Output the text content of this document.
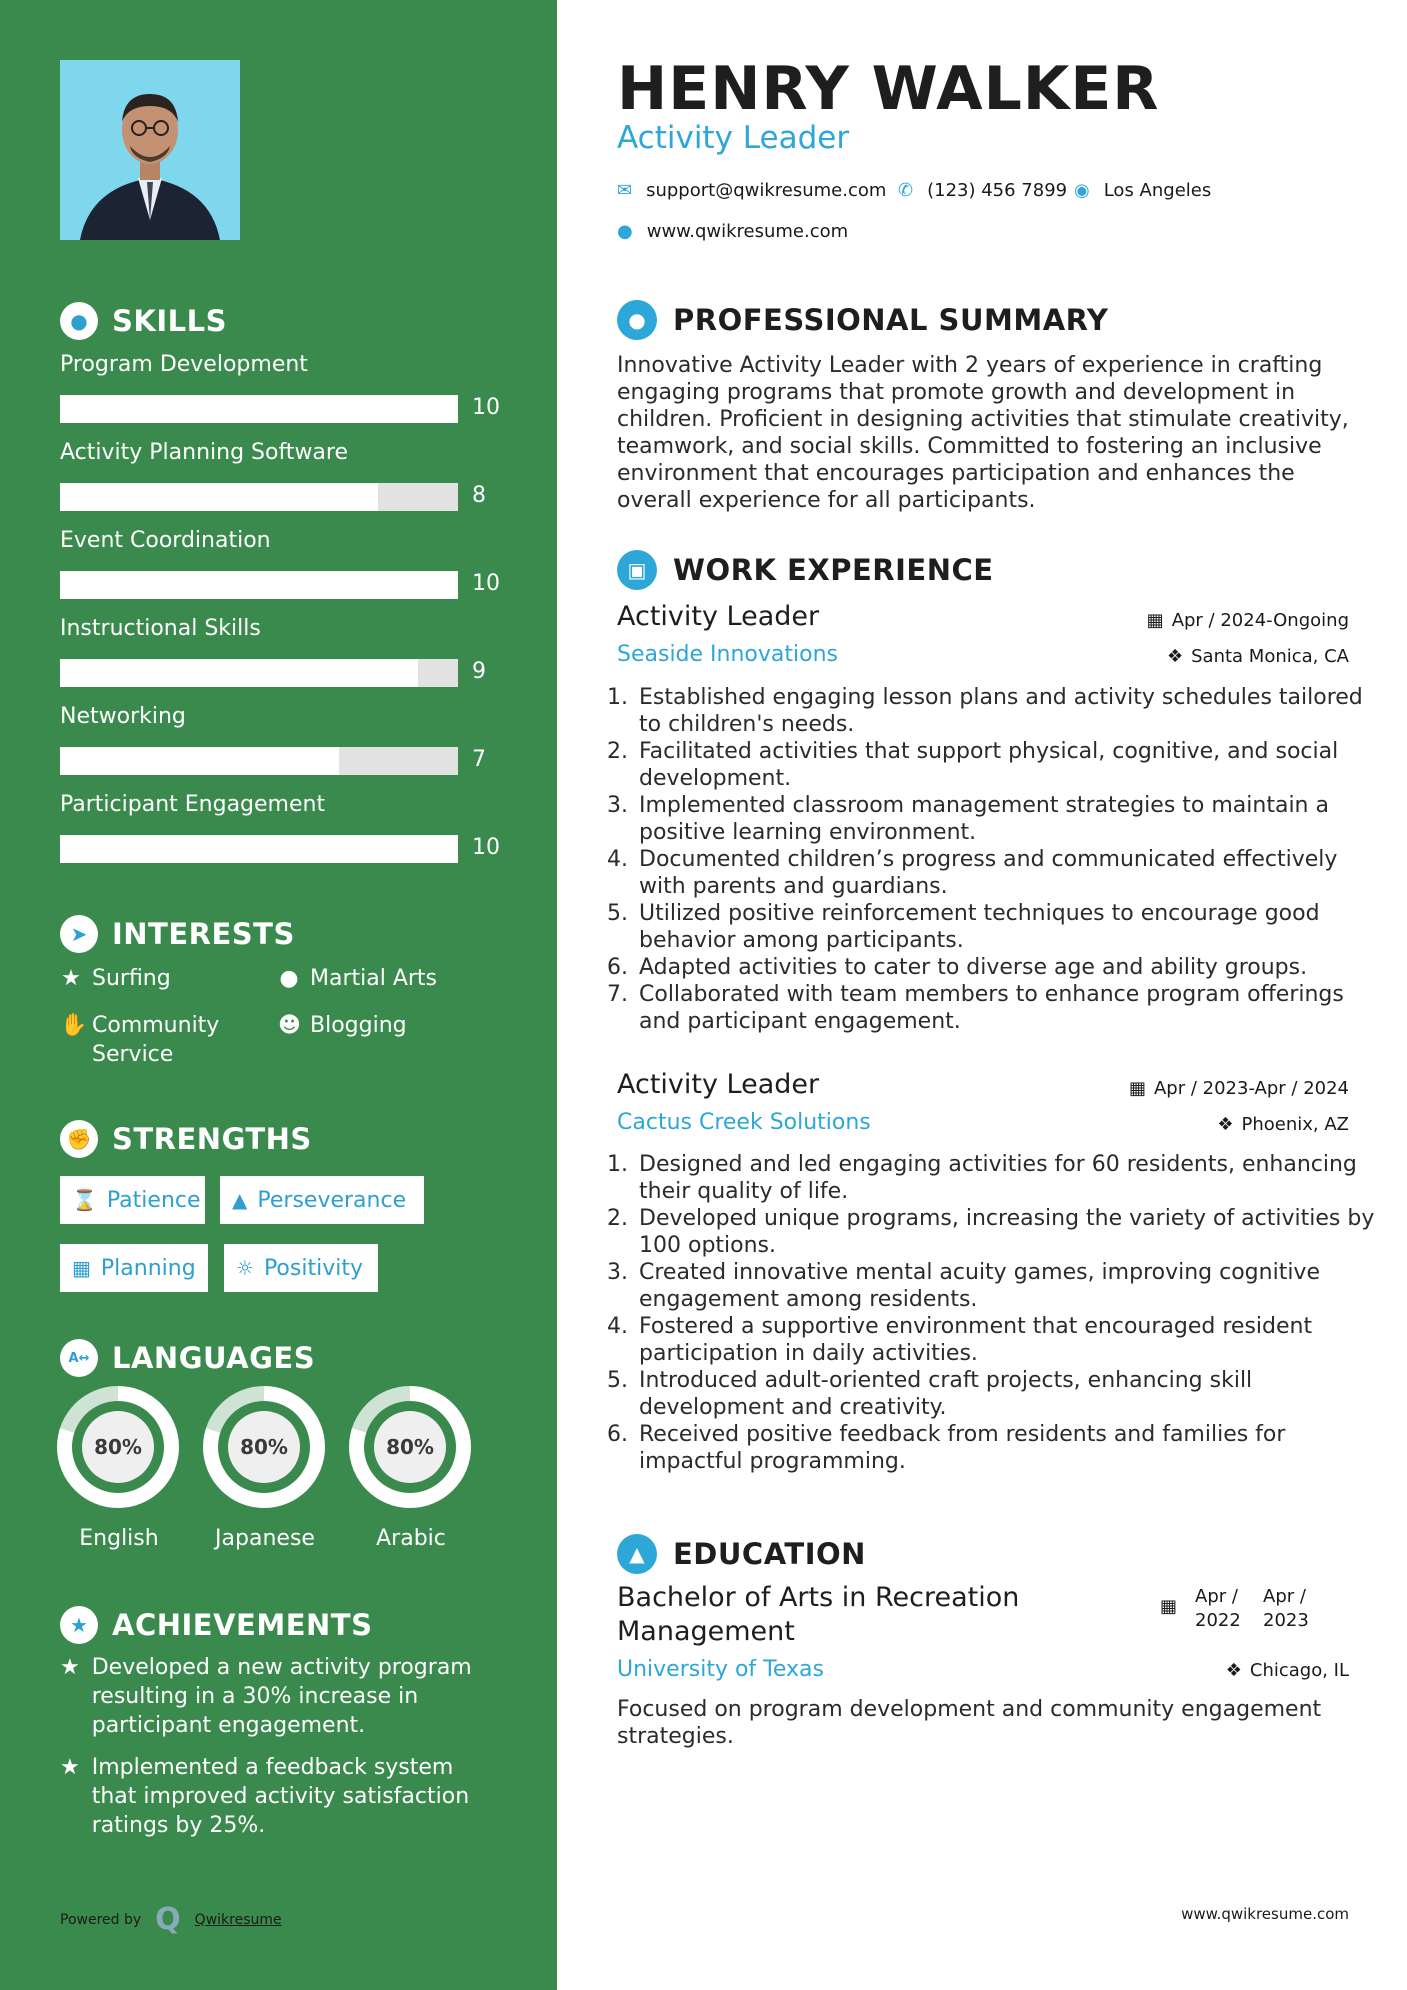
● SKILLS
Program Development
10
Activity Planning Software
8
Event Coordination
10
Instructional Skills
9
Networking
7
Participant Engagement
10
➤ INTERESTS
★ Surfing	● Martial Arts
✋ Community Service
☻ Blogging
✊ STRENGTHS
⌛ Patience ▲ Perseverance
▦ Planning ☼ Positivity
A↔ LANGUAGES
80%
English
80%
Japanese
80%
Arabic
★ ACHIEVEMENTS
★ Developed a new activity program resulting in a 30% increase in participant engagement.
★ Implemented a feedback system that improved activity satisfaction ratings by 25%.
Powered by Q Qwikresume
HENRY WALKER
Activity Leader
✉ support@qwikresume.com ✆ (123) 456 7899 ◉ Los Angeles
● www.qwikresume.com
● PROFESSIONAL SUMMARY
Innovative Activity Leader with 2 years of experience in crafting engaging programs that promote growth and development in children. Proficient in designing activities that stimulate creativity, teamwork, and social skills. Committed to fostering an inclusive environment that encourages participation and enhances the overall experience for all participants.
▣ WORK EXPERIENCE
Activity Leader	▦ Apr / 2024-Ongoing
Seaside Innovations	❖ Santa Monica, CA
1. Established engaging lesson plans and activity schedules tailored to children's needs.
2. Facilitated activities that support physical, cognitive, and social development.
3. Implemented classroom management strategies to maintain a positive learning environment.
4. Documented children’s progress and communicated effectively with parents and guardians.
5. Utilized positive reinforcement techniques to encourage good behavior among participants.
6. Adapted activities to cater to diverse age and ability groups.
7. Collaborated with team members to enhance program offerings and participant engagement.
Activity Leader	▦ Apr / 2023-Apr / 2024
Cactus Creek Solutions	❖ Phoenix, AZ
1. Designed and led engaging activities for 60 residents, enhancing their quality of life.
2. Developed unique programs, increasing the variety of activities by 100 options.
3. Created innovative mental acuity games, improving cognitive engagement among residents.
4. Fostered a supportive environment that encouraged resident participation in daily activities.
5. Introduced adult-oriented craft projects, enhancing skill development and creativity.
6. Received positive feedback from residents and families for impactful programming.
▲ EDUCATION
Bachelor of Arts in Recreation Management
▦ Apr / 2022
Apr / 2023
University of Texas	❖ Chicago, IL
Focused on program development and community engagement strategies.
www.qwikresume.com
